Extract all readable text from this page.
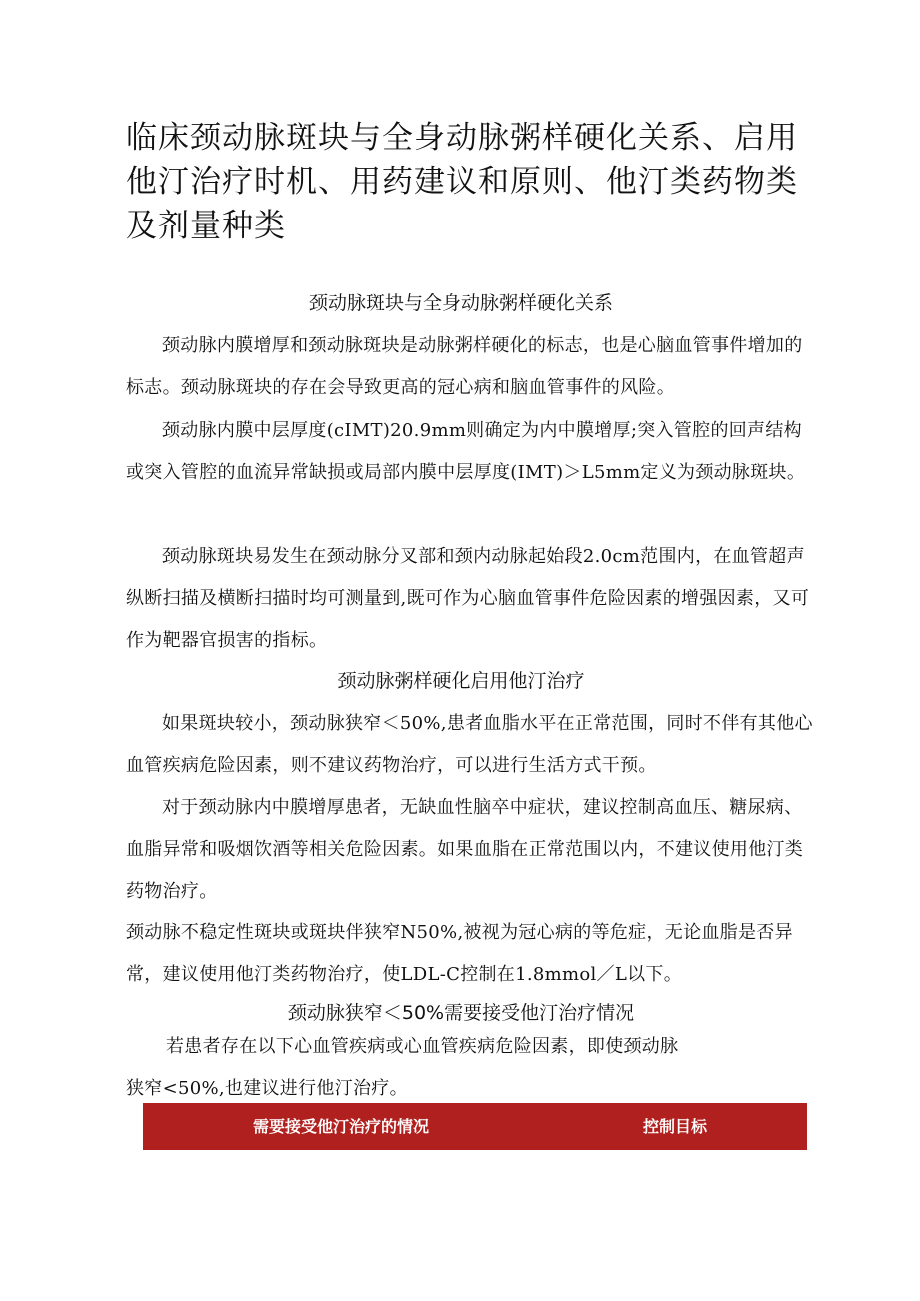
临床颈动脉斑块与全身动脉粥样硬化关系、启用他汀治疗时机、用药建议和原则、他汀类药物类及剂量种类
颈动脉斑块与全身动脉粥样硬化关系

颈动脉内膜增厚和颈动脉斑块是动脉粥样硬化的标志，也是心脑血管事件增加的标志。颈动脉斑块的存在会导致更高的冠心病和脑血管事件的风险。

颈动脉内膜中层厚度(cIMT)20.9mm则确定为内中膜增厚;突入管腔的回声结构或突入管腔的血流异常缺损或局部内膜中层厚度(IMT)＞L5mm定义为颈动脉斑块。

颈动脉斑块易发生在颈动脉分叉部和颈内动脉起始段2.0cm范围内，在血管超声纵断扫描及横断扫描时均可测量到,既可作为心脑血管事件危险因素的增强因素，又可作为靶器官损害的指标。

颈动脉粥样硬化启用他汀治疗

如果斑块较小，颈动脉狭窄＜50%,患者血脂水平在正常范围，同时不伴有其他心血管疾病危险因素，则不建议药物治疗，可以进行生活方式干预。

对于颈动脉内中膜增厚患者，无缺血性脑卒中症状，建议控制高血压、糖尿病、血脂异常和吸烟饮酒等相关危险因素。如果血脂在正常范围以内，不建议使用他汀类药物治疗。

颈动脉不稳定性斑块或斑块伴狭窄N50%,被视为冠心病的等危症，无论血脂是否异常，建议使用他汀类药物治疗，使LDL-C控制在1.8mmol／L以下。

颈动脉狭窄＜50%需要接受他汀治疗情况

若患者存在以下心血管疾病或心血管疾病危险因素，即使颈动脉

狭窄<50%,也建议进行他汀治疗。

需要接受他汀治疗的情况	控制目标
